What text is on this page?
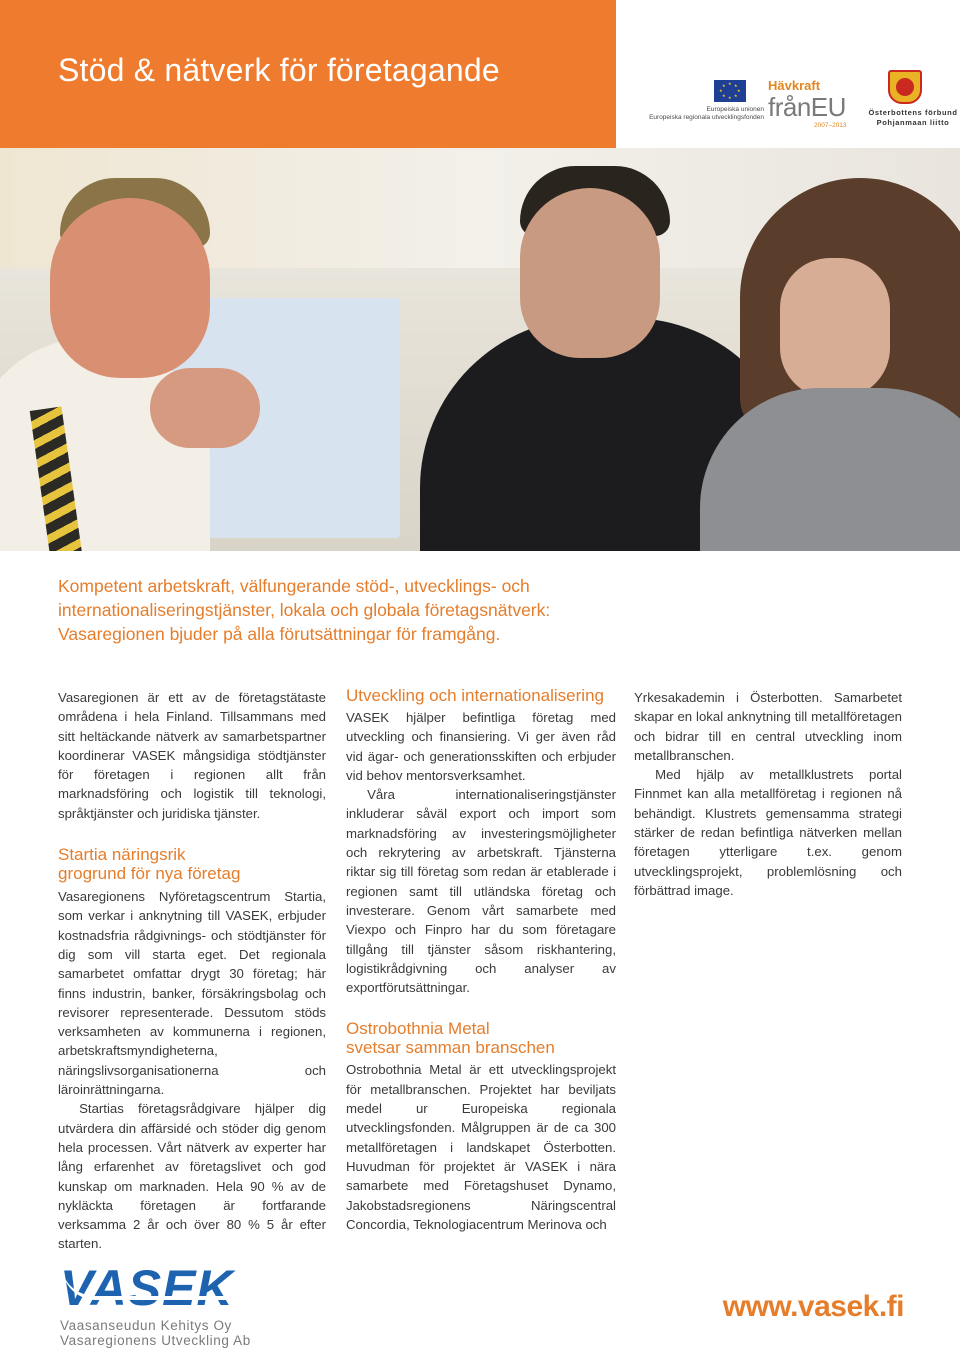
Stöd & nätverk för företagande	★ ★
★
★
★
★
★
★
Europeiska unionen
Europeiska regionala utvecklingsfonden
Hävkraft
frånEU
2007–2013
Österbottens förbund
Pohjanmaan liitto

Kompetent arbetskraft, välfungerande stöd-, utvecklings- och internationaliseringstjänster, lokala och globala företagsnätverk: Vasaregionen bjuder på alla förutsättningar för framgång.

Vasaregionen är ett av de företagstätaste områdena i hela Finland. Tillsammans med sitt heltäckande nätverk av samarbetspartner koordinerar VASEK mångsidiga stödtjänster för företagen i regionen allt från marknadsföring och logistik till teknologi, språktjänster och juridiska tjänster.

Startia näringsrik
grogrund för nya företag

Vasaregionens Nyföretagscentrum Startia, som verkar i anknytning till VASEK, erbjuder kostnadsfria rådgivnings- och stödtjänster för dig som vill starta eget. Det regionala samarbetet omfattar drygt 30 företag; här finns industrin, banker, försäkringsbolag och revisorer representerade. Dessutom stöds verksamheten av kommunerna i regionen, arbetskraftsmyndigheterna, näringslivsorganisationerna och läroinrättningarna.

Startias företagsrådgivare hjälper dig utvärdera din affärsidé och stöder dig genom hela processen. Vårt nätverk av experter har lång erfarenhet av företagslivet och god kunskap om marknaden. Hela 90 % av de nykläckta företagen är fortfarande verksamma 2 år och över 80 % 5 år efter starten.

Utveckling och internationalisering

VASEK hjälper befintliga företag med utveckling och finansiering. Vi ger även råd vid ägar- och generationsskiften och erbjuder vid behov mentorsverksamhet.

Våra internationaliseringstjänster inkluderar såväl export och import som marknadsföring av investeringsmöjligheter och rekrytering av arbetskraft. Tjänsterna riktar sig till företag som redan är etablerade i regionen samt till utländska företag och investerare. Genom vårt samarbete med Viexpo och Finpro har du som företagare tillgång till tjänster såsom riskhantering, logistikrådgivning och analyser av exportförutsättningar.

Ostrobothnia Metal
svetsar samman branschen

Ostrobothnia Metal är ett utvecklingsprojekt för metallbranschen. Projektet har beviljats medel ur Europeiska regionala utvecklingsfonden. Målgruppen är de ca 300 metallföretagen i landskapet Österbotten. Huvudman för projektet är VASEK i nära samarbete med Företagshuset Dynamo, Jakobstadsregionens Näringscentral Concordia, Teknologiacentrum Merinova och

Yrkesakademin i Österbotten. Samarbetet skapar en lokal anknytning till metallföretagen och bidrar till en central utveckling inom metallbranschen.

Med hjälp av metallklustrets portal Finnmet kan alla metallföretag i regionen nå behändigt. Klustrets gemensamma strategi stärker de redan befintliga nätverken mellan företagen ytterligare t.ex. genom utvecklingsprojekt, problemlösning och förbättrad image.

VASEK
Vaasanseudun Kehitys Oy
Vasaregionens Utveckling Ab
www.vasek.fi
